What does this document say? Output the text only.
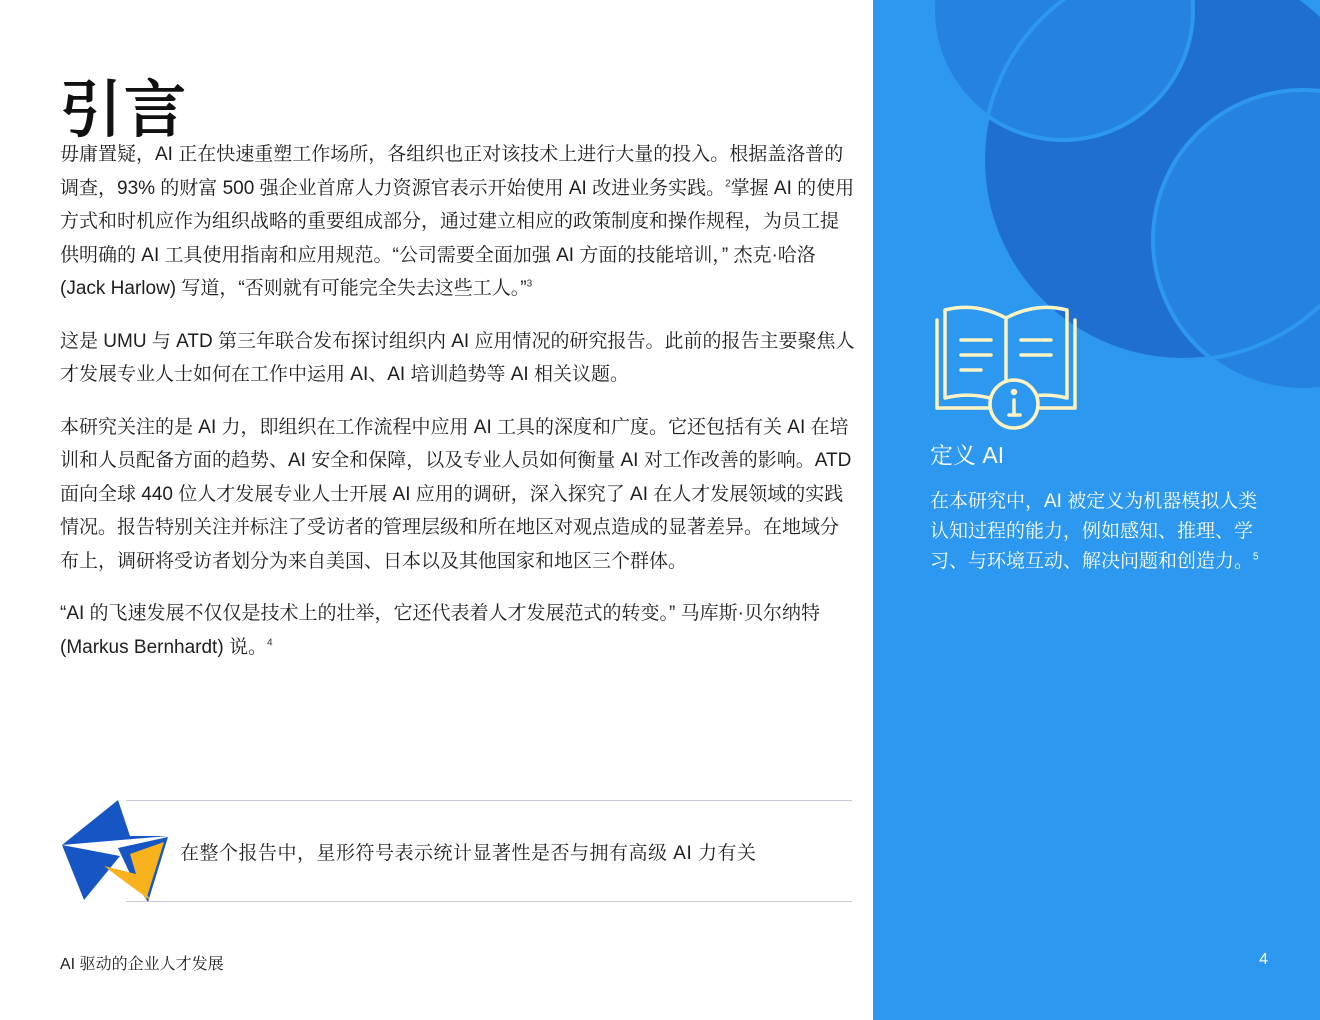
引言

毋庸置疑，AI 正在快速重塑工作场所，各组织也正对该技术上进行大量的投入。根据盖洛普的调查，93% 的财富 500 强企业首席人力资源官表示开始使用 AI 改进业务实践。$^2$掌握 AI 的使用方式和时机应作为组织战略的重要组成部分，通过建立相应的政策制度和操作规程，为员工提供明确的 AI 工具使用指南和应用规范。“公司需要全面加强 AI 方面的技能培训，” 杰克·哈洛 (Jack Harlow) 写道，“否则就有可能完全失去这些工人。”$^3$

这是 UMU 与 ATD 第三年联合发布探讨组织内 AI 应用情况的研究报告。此前的报告主要聚焦人才发展专业人士如何在工作中运用 AI、AI 培训趋势等 AI 相关议题。

本研究关注的是 AI 力，即组织在工作流程中应用 AI 工具的深度和广度。它还包括有关 AI 在培训和人员配备方面的趋势、AI 安全和保障，以及专业人员如何衡量 AI 对工作改善的影响。ATD 面向全球 440 位人才发展专业人士开展 AI 应用的调研，深入探究了 AI 在人才发展领域的实践情况。报告特别关注并标注了受访者的管理层级和所在地区对观点造成的显著差异。在地域分布上，调研将受访者划分为来自美国、日本以及其他国家和地区三个群体。

“AI 的飞速发展不仅仅是技术上的壮举，它还代表着人才发展范式的转变。” 马库斯·贝尔纳特 (Markus Bernhardt) 说。$^4$

在整个报告中，星形符号表示统计显著性是否与拥有高级 AI 力有关
AI 驱动的企业人才发展
定义 AI

在本研究中，AI 被定义为机器模拟人类认知过程的能力，例如感知、推理、学习、与环境互动、解决问题和创造力。$^5$

4
